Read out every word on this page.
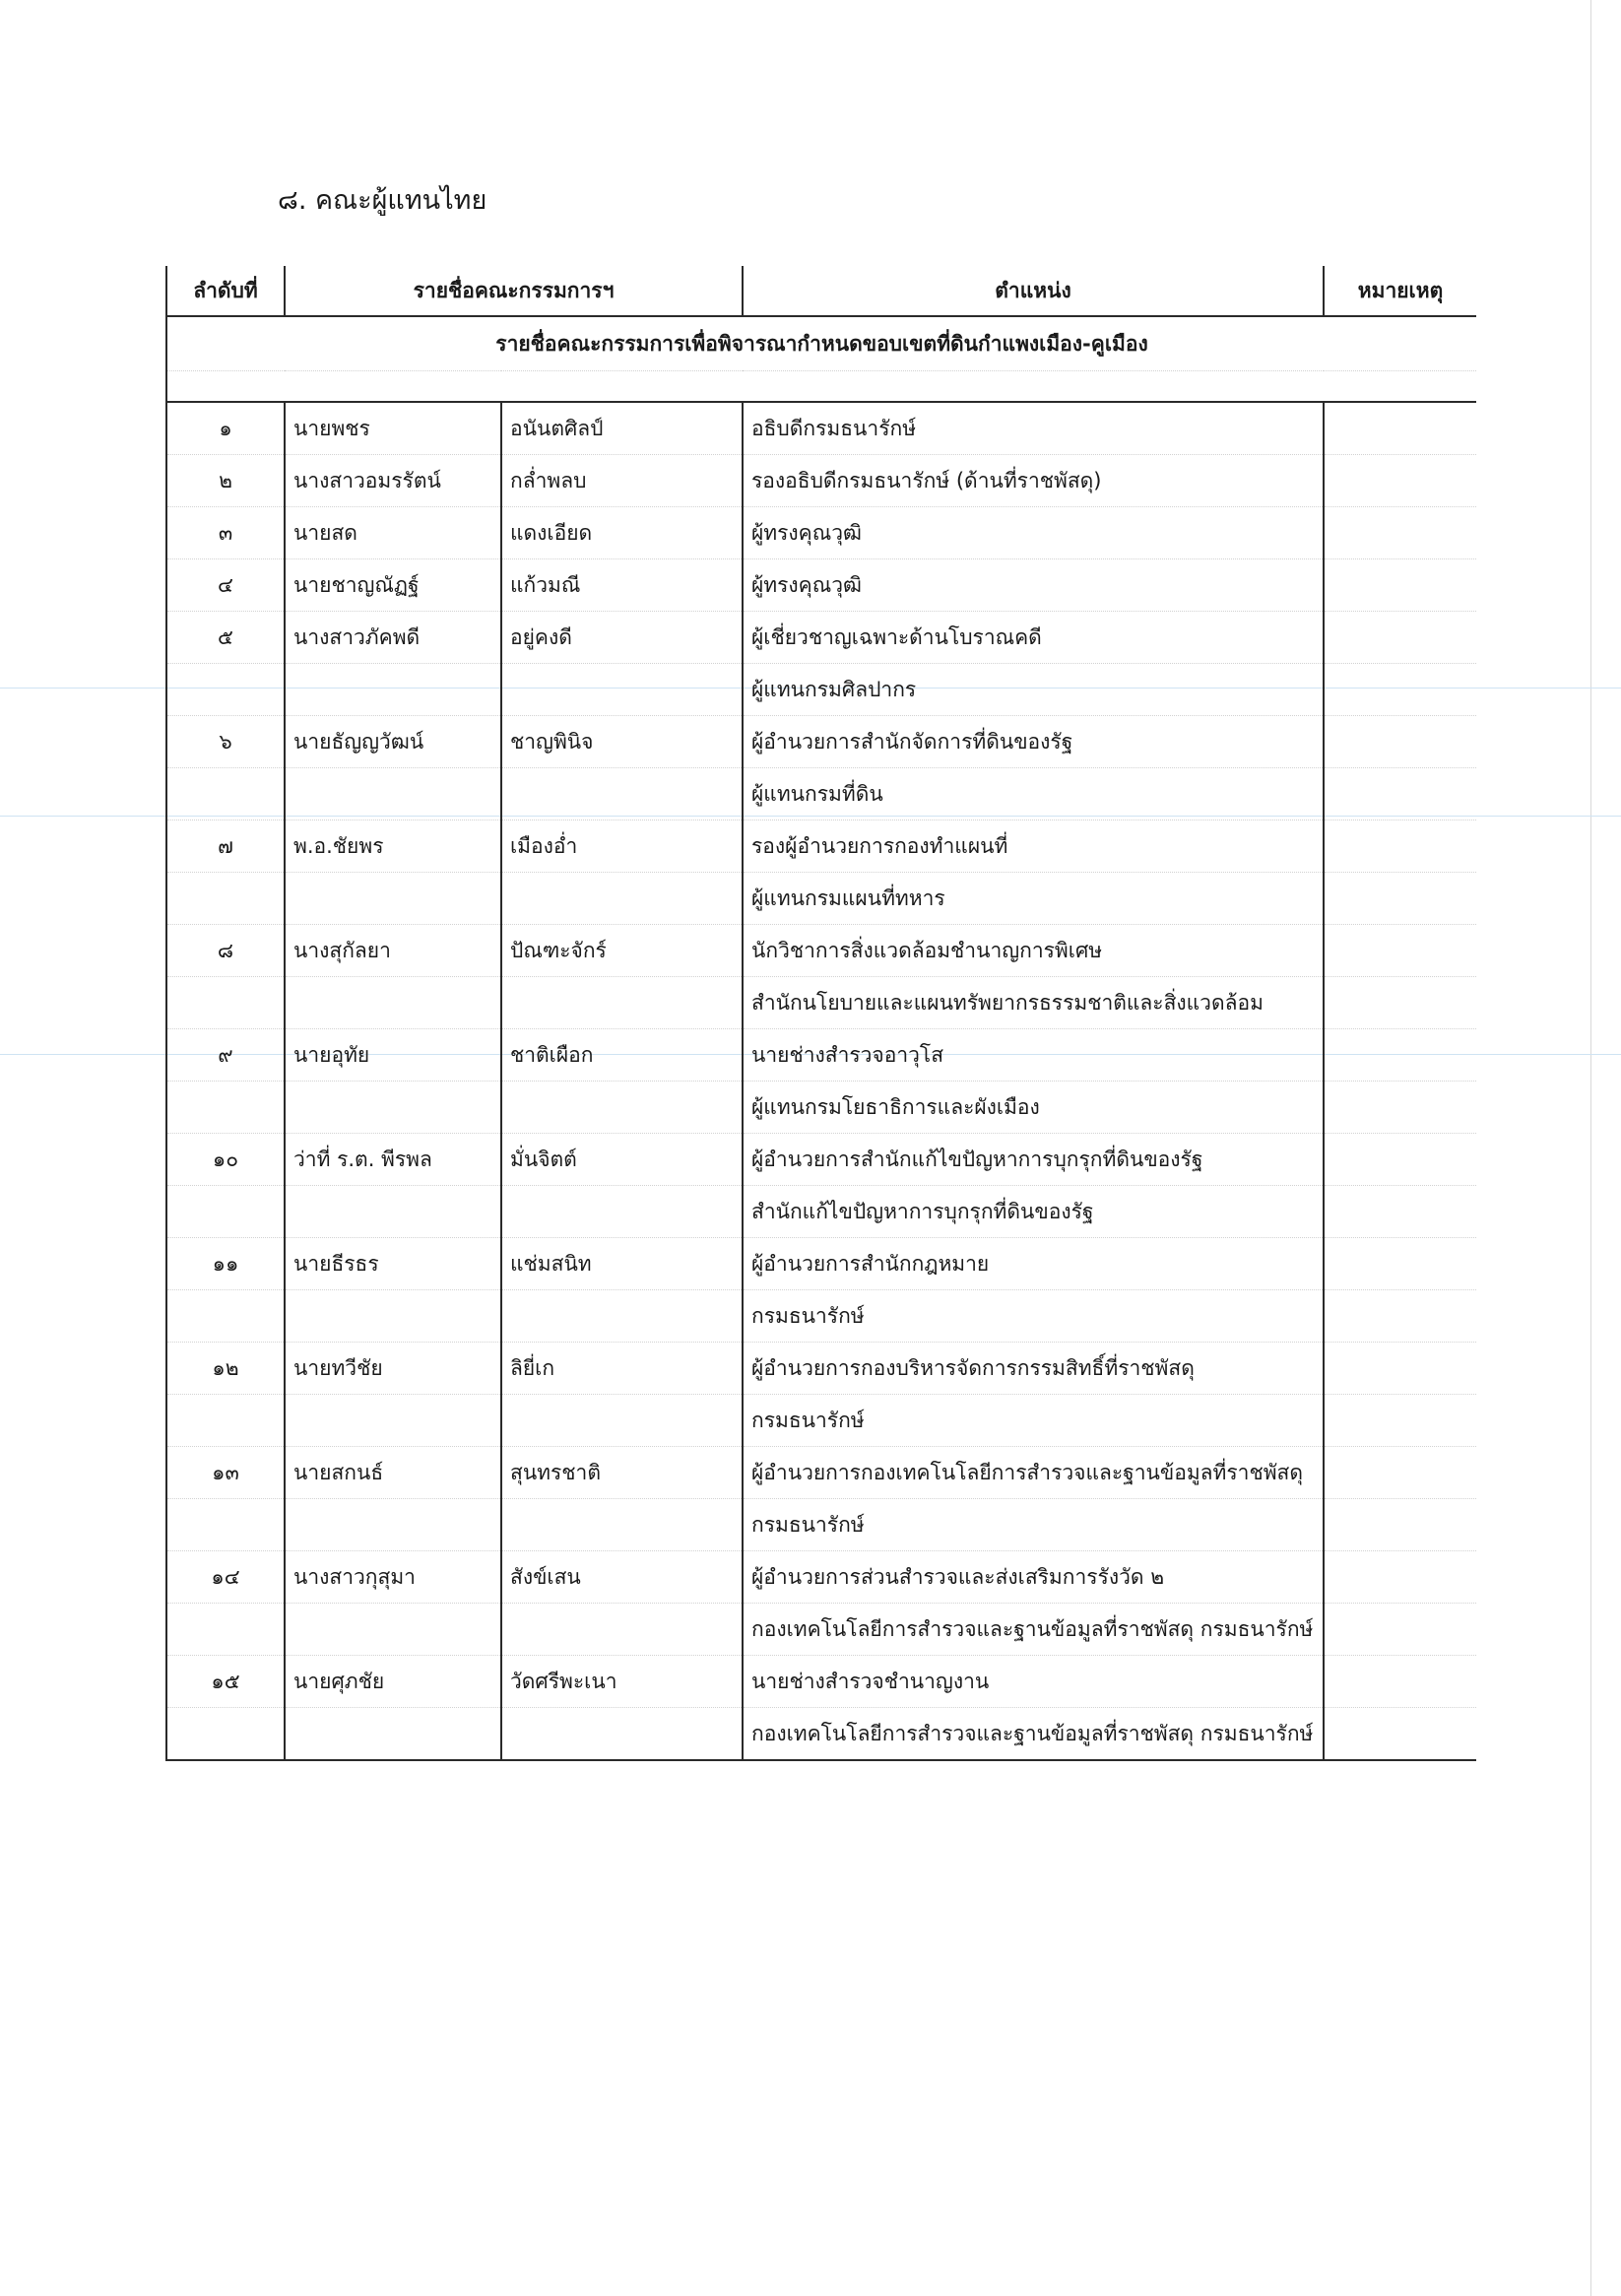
๘. คณะผู้แทนไทย
รายชื่อคณะกรรมการเพื่อพิจารณากำหนดขอบเขตที่ดินกำแพงเมือง-คูเมือง				

ลำดับที่	รายชื่อคณะกรรมการฯ		ตำแหน่ง	หมายเหตุ
๑	นายพชร	อนันตศิลป์	อธิบดีกรมธนารักษ์	
๒	นางสาวอมรรัตน์	กล่ำพลบ	รองอธิบดีกรมธนารักษ์ (ด้านที่ราชพัสดุ)	
๓	นายสด	แดงเอียด	ผู้ทรงคุณวุฒิ	
๔	นายชาญณัฏฐ์	แก้วมณี	ผู้ทรงคุณวุฒิ	
๕	นางสาวภัคพดี	อยู่คงดี	ผู้เชี่ยวชาญเฉพาะด้านโบราณคดี	
			ผู้แทนกรมศิลปากร	
๖	นายธัญญวัฒน์	ชาญพินิจ	ผู้อำนวยการสำนักจัดการที่ดินของรัฐ	
			ผู้แทนกรมที่ดิน	
๗	พ.อ.ชัยพร	เมืองอ่ำ	รองผู้อำนวยการกองทำแผนที่	
			ผู้แทนกรมแผนที่ทหาร	
๘	นางสุกัลยา	ปัณฑะจักร์	นักวิชาการสิ่งแวดล้อมชำนาญการพิเศษ	
			สำนักนโยบายและแผนทรัพยากรธรรมชาติและสิ่งแวดล้อม	
๙	นายอุทัย	ชาติเผือก	นายช่างสำรวจอาวุโส	
			ผู้แทนกรมโยธาธิการและผังเมือง	
๑๐	ว่าที่ ร.ต. พีรพล	มั่นจิตต์	ผู้อำนวยการสำนักแก้ไขปัญหาการบุกรุกที่ดินของรัฐ	
			สำนักแก้ไขปัญหาการบุกรุกที่ดินของรัฐ	
๑๑	นายธีรธร	แช่มสนิท	ผู้อำนวยการสำนักกฎหมาย	
			กรมธนารักษ์	
๑๒	นายทวีชัย	ลิยี่เก	ผู้อำนวยการกองบริหารจัดการกรรมสิทธิ์ที่ราชพัสดุ	
			กรมธนารักษ์	
๑๓	นายสกนธ์	สุนทรชาติ	ผู้อำนวยการกองเทคโนโลยีการสำรวจและฐานข้อมูลที่ราชพัสดุ	
			กรมธนารักษ์	
๑๔	นางสาวกุสุมา	สังข์เสน	ผู้อำนวยการส่วนสำรวจและส่งเสริมการรังวัด ๒	
			กองเทคโนโลยีการสำรวจและฐานข้อมูลที่ราชพัสดุ กรมธนารักษ์	
๑๕	นายศุภชัย	วัดศรีพะเนา	นายช่างสำรวจชำนาญงาน	
			กองเทคโนโลยีการสำรวจและฐานข้อมูลที่ราชพัสดุ กรมธนารักษ์	
